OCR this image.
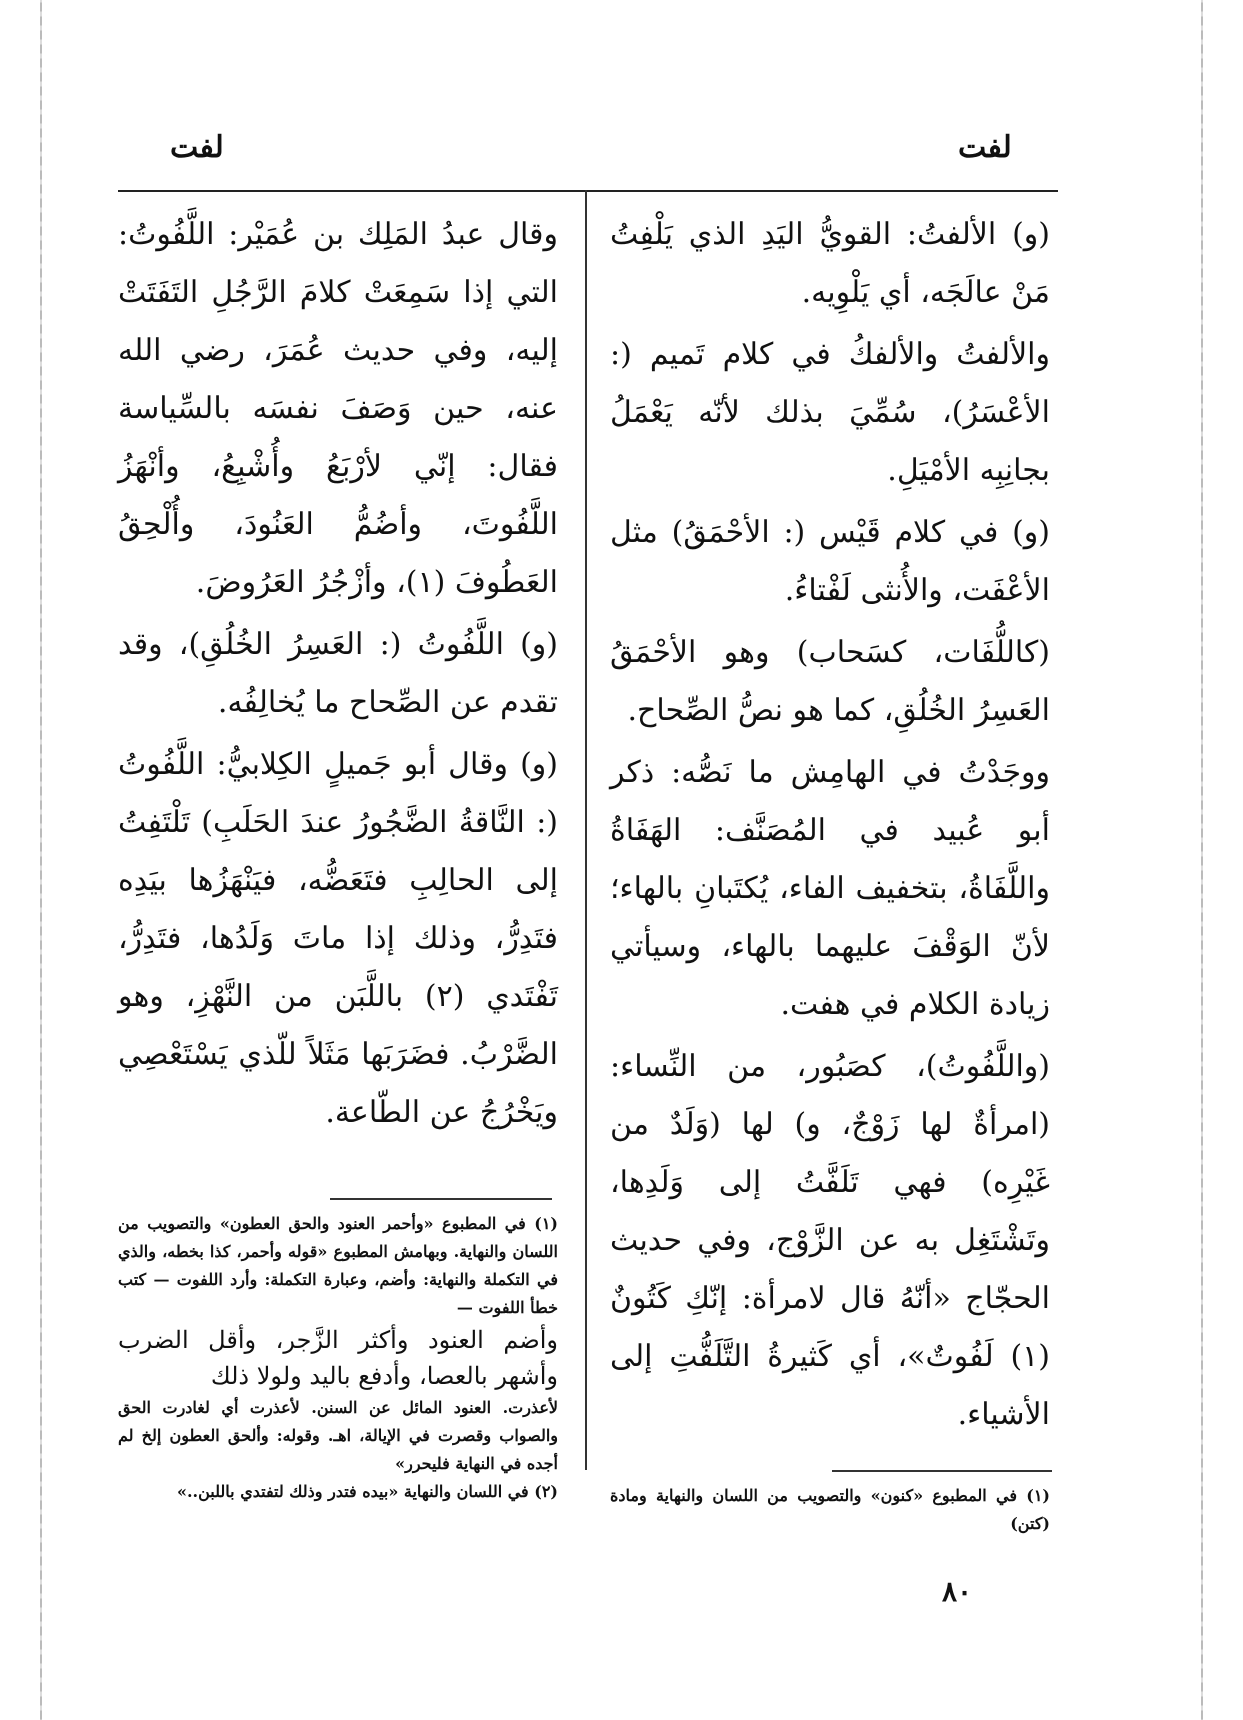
لفت	لفت

(و) الألفتُ: القويُّ اليَدِ الذي يَلْفِتُ مَنْ عالَجَه، أي يَلْوِيه.

والألفتُ والألفكُ في كلام تَميم (: الأعْسَرُ)، سُمِّيَ بذلك لأنّه يَعْمَلُ بجانِبِه الأمْيَلِ.

(و) في كلام قَيْس (: الأحْمَقُ) مثل الأعْفَت، والأُنثى لَفْتاءُ.

(كاللُّفَات، كسَحاب) وهو الأحْمَقُ العَسِرُ الخُلُقِ، كما هو نصُّ الصِّحاح.

ووجَدْتُ في الهامِش ما نَصُّه: ذكر أبو عُبيد في المُصَنَّف: الهَفَاةُ واللَّفَاةُ، بتخفيف الفاء، يُكتَبانِ بالهاء؛ لأنّ الوَقْفَ عليهما بالهاء، وسيأتي زيادة الكلام في هفت.

(واللَّفُوتُ)، كصَبُور، من النِّساء: (امرأةٌ لها زَوْجٌ، و) لها (وَلَدٌ من غَيْرِه) فهي تَلَفَّتُ إلى وَلَدِها، وتَشْتَغِل به عن الزَّوْج، وفي حديث الحجّاج «أنّهُ قال لامرأة: إنّكِ كَتُونٌ (١) لَفُوتٌ»، أي كَثيرةُ التَّلَفُّتِ إلى الأشياء.

وقال عبدُ المَلِك بن عُمَيْر: اللَّفُوتُ: التي إذا سَمِعَتْ كلامَ الرَّجُلِ التَفَتَتْ إليه، وفي حديث عُمَرَ، رضي الله عنه، حين وَصَفَ نفسَه بالسِّياسة فقال: إنّي لأرْبَعُ وأُشْبِعُ، وأنْهَزُ اللَّفُوتَ، وأضُمُّ العَنُودَ، وأُلْحِقُ العَطُوفَ (١)، وأزْجُرُ العَرُوضَ.

(و) اللَّفُوتُ (: العَسِرُ الخُلُقِ)، وقد تقدم عن الصِّحاح ما يُخالِفُه.

(و) وقال أبو جَميلٍ الكِلابيُّ: اللَّفُوتُ (: النَّاقةُ الضَّجُورُ عندَ الحَلَبِ) تَلْتَفِتُ إلى الحالِبِ فتَعَضُّه، فيَنْهَزُها بيَدِه فتَدِرُّ، وذلك إذا ماتَ وَلَدُها، فتَدِرُّ، تَفْتَدي (٢) باللَّبَن من النَّهْزِ، وهو الضَّرْبُ. فضَرَبَها مَثَلاً للّذي يَسْتَعْصِي ويَخْرُجُ عن الطّاعة.

(١) في المطبوع «وأحمر العنود والحق العطون» والتصويب من اللسان والنهاية. وبهامش المطبوع «قوله وأحمر، كذا بخطه، والذي في التكملة والنهاية: وأضم، وعبارة التكملة: وأرد اللفوت — كتب خطأ اللفوت —
وأضم العنود وأكثر الزَّجر، وأقل الضرب وأشهر بالعصا، وأدفع باليد ولولا ذلك
لأعذرت. العنود المائل عن السنن. لأعذرت أي لغادرت الحق والصواب وقصرت في الإيالة، اهـ. وقوله: وألحق العطون إلخ لم أجده في النهاية فليحرر»
(٢) في اللسان والنهاية «بيده فتدر وذلك لتفتدي باللبن..»	(١) في المطبوع «كنون» والتصويب من اللسان والنهاية ومادة (كتن)
٨٠
